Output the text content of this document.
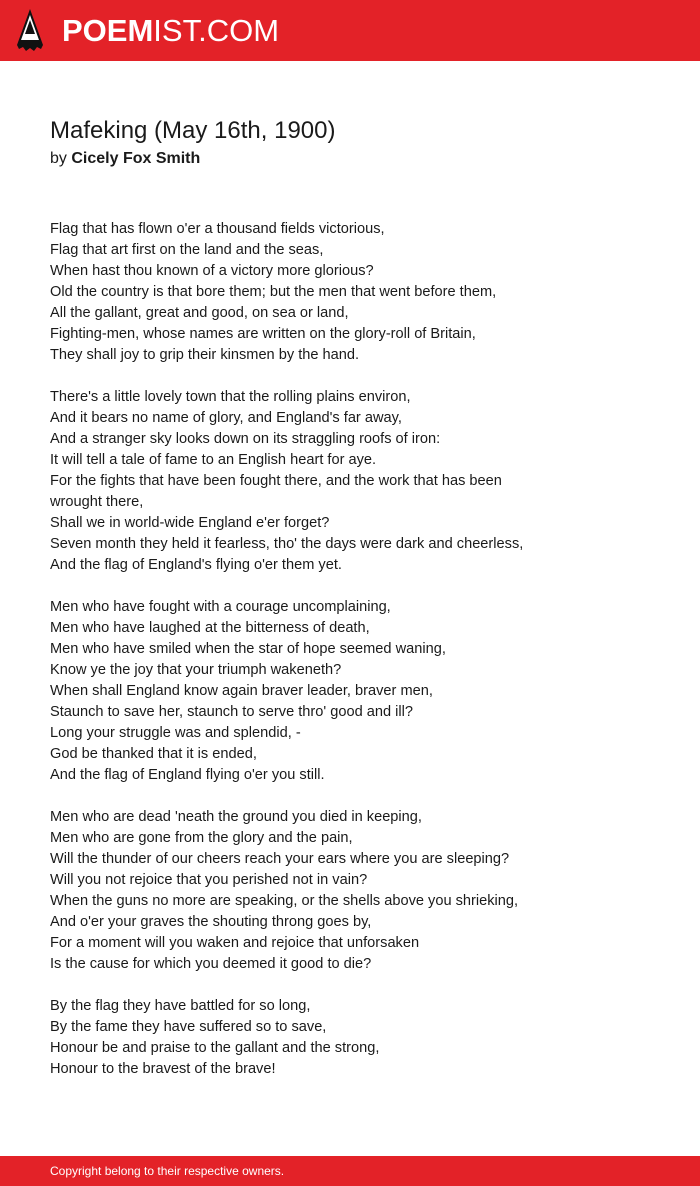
POEMIST.COM
Mafeking (May 16th, 1900)
by Cicely Fox Smith
Flag that has flown o'er a thousand fields victorious,
Flag that art first on the land and the seas,
When hast thou known of a victory more glorious?
Old the country is that bore them; but the men that went before them,
All the gallant, great and good, on sea or land,
Fighting-men, whose names are written on the glory-roll of Britain,
They shall joy to grip their kinsmen by the hand.
There's a little lovely town that the rolling plains environ,
And it bears no name of glory, and England's far away,
And a stranger sky looks down on its straggling roofs of iron:
It will tell a tale of fame to an English heart for aye.
For the fights that have been fought there, and the work that has been
wrought there,
Shall we in world-wide England e'er forget?
Seven month they held it fearless, tho' the days were dark and cheerless,
And the flag of England's flying o'er them yet.
Men who have fought with a courage uncomplaining,
Men who have laughed at the bitterness of death,
Men who have smiled when the star of hope seemed waning,
Know ye the joy that your triumph wakeneth?
When shall England know again braver leader, braver men,
Staunch to save her, staunch to serve thro' good and ill?
Long your struggle was and splendid, -
God be thanked that it is ended,
And the flag of England flying o'er you still.
Men who are dead 'neath the ground you died in keeping,
Men who are gone from the glory and the pain,
Will the thunder of our cheers reach your ears where you are sleeping?
Will you not rejoice that you perished not in vain?
When the guns no more are speaking, or the shells above you shrieking,
And o'er your graves the shouting throng goes by,
For a moment will you waken and rejoice that unforsaken
Is the cause for which you deemed it good to die?
By the flag they have battled for so long,
By the fame they have suffered so to save,
Honour be and praise to the gallant and the strong,
Honour to the bravest of the brave!
Copyright belong to their respective owners.
